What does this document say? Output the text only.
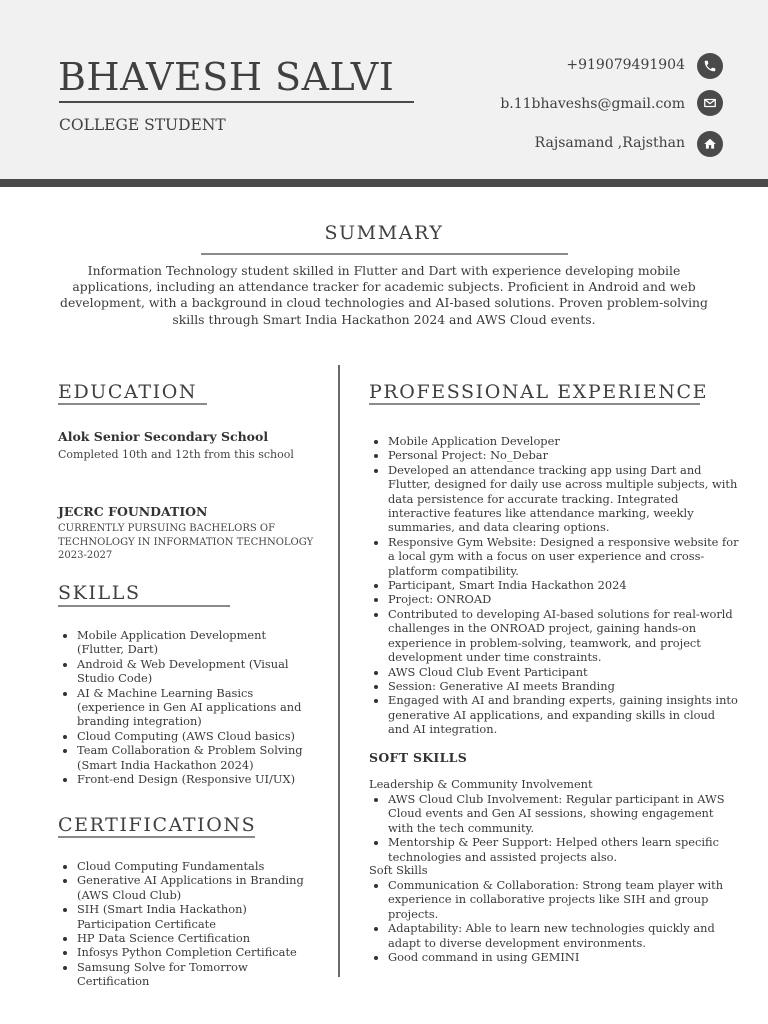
BHAVESH SALVI
COLLEGE STUDENT
+919079491904
b.11bhaveshs@gmail.com
Rajsamand ,Rajsthan
SUMMARY
Information Technology student skilled in Flutter and Dart with experience developing mobile applications, including an attendance tracker for academic subjects. Proficient in Android and web development, with a background in cloud technologies and AI-based solutions. Proven problem-solving skills through Smart India Hackathon 2024 and AWS Cloud events.
EDUCATION
Alok Senior Secondary School
Completed 10th and 12th from this school
JECRC FOUNDATION
CURRENTLY PURSUING BACHELORS OF TECHNOLOGY IN INFORMATION TECHNOLOGY
2023-2027
SKILLS
Mobile Application Development (Flutter, Dart)
Android & Web Development (Visual Studio Code)
AI & Machine Learning Basics (experience in Gen AI applications and branding integration)
Cloud Computing (AWS Cloud basics)
Team Collaboration & Problem Solving (Smart India Hackathon 2024)
Front-end Design (Responsive UI/UX)
CERTIFICATIONS
Cloud Computing Fundamentals
Generative AI Applications in Branding (AWS Cloud Club)
SIH (Smart India Hackathon) Participation Certificate
HP Data Science Certification
Infosys Python Completion Certificate
Samsung Solve for Tomorrow Certification
PROFESSIONAL EXPERIENCE
Mobile Application Developer
Personal Project: No_Debar
Developed an attendance tracking app using Dart and Flutter, designed for daily use across multiple subjects, with data persistence for accurate tracking. Integrated interactive features like attendance marking, weekly summaries, and data clearing options.
Responsive Gym Website: Designed a responsive website for a local gym with a focus on user experience and cross-platform compatibility.
Participant, Smart India Hackathon 2024
Project: ONROAD
Contributed to developing AI-based solutions for real-world challenges in the ONROAD project, gaining hands-on experience in problem-solving, teamwork, and project development under time constraints.
AWS Cloud Club Event Participant
Session: Generative AI meets Branding
Engaged with AI and branding experts, gaining insights into generative AI applications, and expanding skills in cloud and AI integration.
SOFT SKILLS
Leadership & Community Involvement
AWS Cloud Club Involvement: Regular participant in AWS Cloud events and Gen AI sessions, showing engagement with the tech community.
Mentorship & Peer Support: Helped others learn specific technologies and assisted projects also.
Soft Skills
Communication & Collaboration: Strong team player with experience in collaborative projects like SIH and group projects.
Adaptability: Able to learn new technologies quickly and adapt to diverse development environments.
Good command in using GEMINI
